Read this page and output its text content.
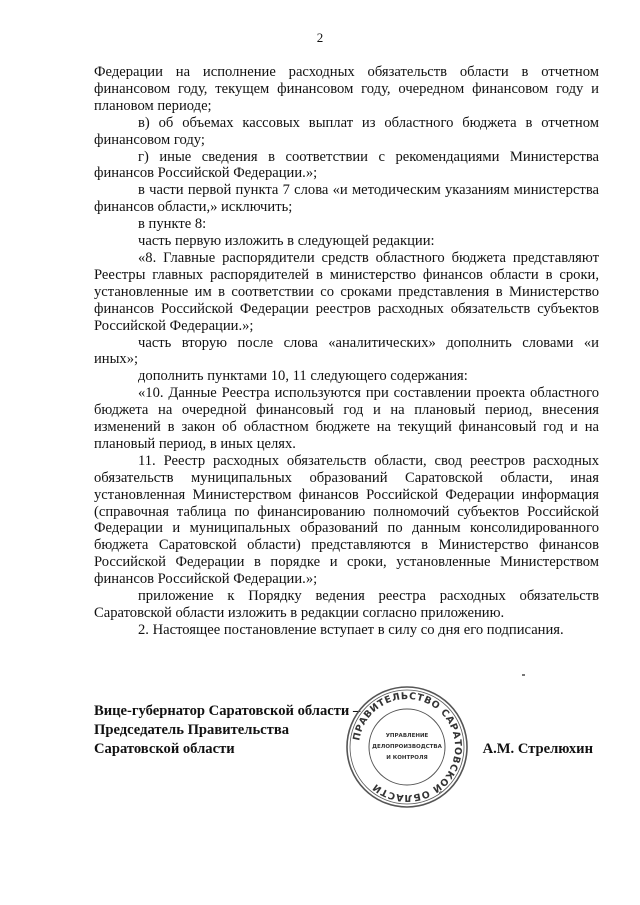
2

Федерации на исполнение расходных обязательств области в отчетном финансовом году, текущем финансовом году, очередном финансовом году и плановом периоде;

в) об объемах кассовых выплат из областного бюджета в отчетном финансовом году;

г) иные сведения в соответствии с рекомендациями Министерства финансов Российской Федерации.»;

в части первой пункта 7 слова «и методическим указаниям министерства финансов области,» исключить;

в пункте 8:

часть первую изложить в следующей редакции:

«8. Главные распорядители средств областного бюджета представляют Реестры главных распорядителей в министерство финансов области в сроки, установленные им в соответствии со сроками представления в Министерство финансов Российской Федерации реестров расходных обязательств субъектов Российской Федерации.»;

часть вторую после слова «аналитических» дополнить словами «и иных»;

дополнить пунктами 10, 11 следующего содержания:

«10. Данные Реестра используются при составлении проекта областного бюджета на очередной финансовый год и на плановый период, внесения изменений в закон об областном бюджете на текущий финансовый год и на плановый период, в иных целях.

11. Реестр расходных обязательств области, свод реестров расходных обязательств муниципальных образований Саратовской области, иная установленная Министерством финансов Российской Федерации информация (справочная таблица по финансированию полномочий субъектов Российской Федерации и муниципальных образований по данным консолидированного бюджета Саратовской области) представляются в Министерство финансов Российской Федерации в порядке и сроки, установленные Министерством финансов Российской Федерации.»;

приложение к Порядку ведения реестра расходных обязательств Саратовской области изложить в редакции согласно приложению.

2. Настоящее постановление вступает в силу со дня его подписания.

Вице-губернатор Саратовской области –
Председатель Правительства
Саратовской области
ПРАВИТЕЛЬСТВО САРАТОВСКОЙ ОБЛАСТИ
УПРАВЛЕНИЕ
ДЕЛОПРОИЗВОДСТВА
И КОНТРОЛЯ
А.М. Стрелюхин
